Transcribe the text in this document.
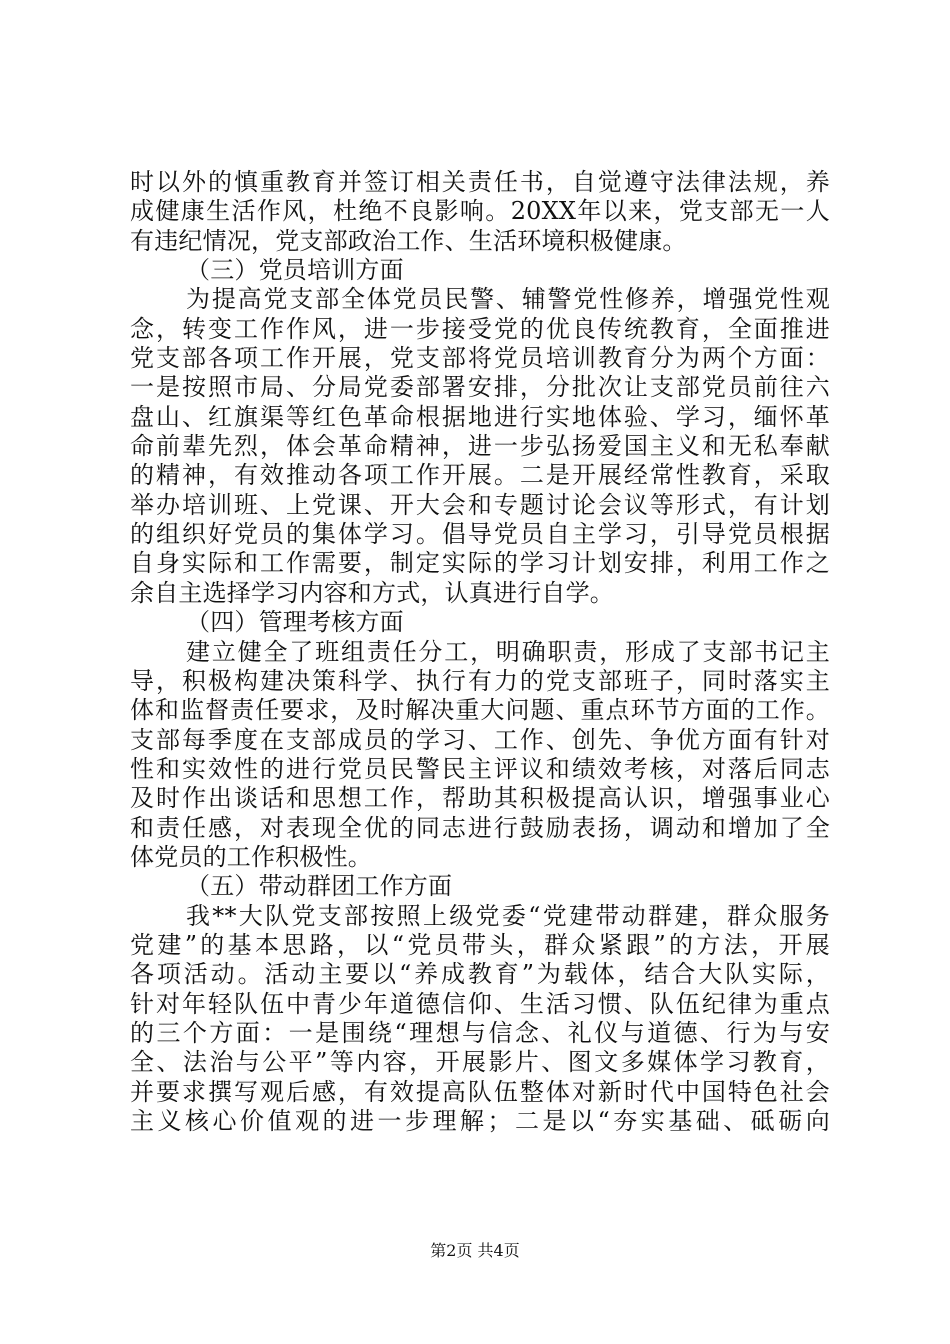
时以外的慎重教育并签订相关责任书，自觉遵守法律法规，养
成健康生活作风，杜绝不良影响。20XX年以来，党支部无一人
有违纪情况，党支部政治工作、生活环境积极健康。
（三）党员培训方面
为提高党支部全体党员民警、辅警党性修养，增强党性观
念，转变工作作风，进一步接受党的优良传统教育，全面推进
党支部各项工作开展，党支部将党员培训教育分为两个方面：
一是按照市局、分局党委部署安排，分批次让支部党员前往六
盘山、红旗渠等红色革命根据地进行实地体验、学习，缅怀革
命前辈先烈，体会革命精神，进一步弘扬爱国主义和无私奉献
的精神，有效推动各项工作开展。二是开展经常性教育，采取
举办培训班、上党课、开大会和专题讨论会议等形式，有计划
的组织好党员的集体学习。倡导党员自主学习，引导党员根据
自身实际和工作需要，制定实际的学习计划安排，利用工作之
余自主选择学习内容和方式，认真进行自学。
（四）管理考核方面
建立健全了班组责任分工，明确职责，形成了支部书记主
导，积极构建决策科学、执行有力的党支部班子，同时落实主
体和监督责任要求，及时解决重大问题、重点环节方面的工作。
支部每季度在支部成员的学习、工作、创先、争优方面有针对
性和实效性的进行党员民警民主评议和绩效考核，对落后同志
及时作出谈话和思想工作，帮助其积极提高认识，增强事业心
和责任感，对表现全优的同志进行鼓励表扬，调动和增加了全
体党员的工作积极性。
（五）带动群团工作方面
我**大队党支部按照上级党委“党建带动群建，群众服务
党建”的基本思路，以“党员带头，群众紧跟”的方法，开展
各项活动。活动主要以“养成教育”为载体，结合大队实际，
针对年轻队伍中青少年道德信仰、生活习惯、队伍纪律为重点
的三个方面：一是围绕“理想与信念、礼仪与道德、行为与安
全、法治与公平”等内容，开展影片、图文多媒体学习教育，
并要求撰写观后感，有效提高队伍整体对新时代中国特色社会
主义核心价值观的进一步理解；二是以“夯实基础、砥砺向
第2页 共4页
